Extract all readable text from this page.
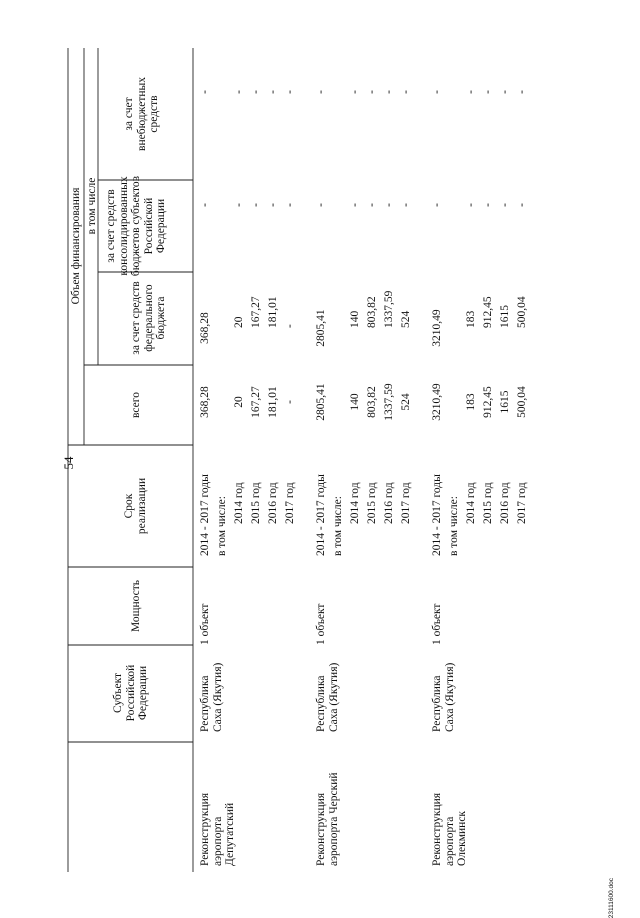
54
23111600.doc
Субъект Российской Федерации
Мощность
Срок реализации
Объем финансирования
всего
в том числе
за счет средств федерального бюджета
за счет средств консолидированных бюджетов субъектов Российской Федерации
за счет внебюджетных средств
Реконструкция аэропорта Депутатский
Республика Саха (Якутия)
1 объект
2014 - 2017 годы
368,28
368,28
-
-
в том числе: 2014 год
20
20
-
-
2015 год
167,27
167,27
-
-
2016 год
181,01
181,01
-
-
2017 год
-
-
-
-
Реконструкция аэропорта Черский
Республика Саха (Якутия)
1 объект
2014 - 2017 годы
2805,41
2805,41
-
-
в том числе: 2014 год
140
140
-
-
2015 год
803,82
803,82
-
-
2016 год
1337,59
1337,59
-
-
2017 год
524
524
-
-
Реконструкция аэропорта Олекминск
Республика Саха (Якутия)
1 объект
2014 - 2017 годы
3210,49
3210,49
-
-
в том числе: 2014 год
183
183
-
-
2015 год
912,45
912,45
-
-
2016 год
1615
1615
-
-
2017 год
500,04
500,04
-
-
